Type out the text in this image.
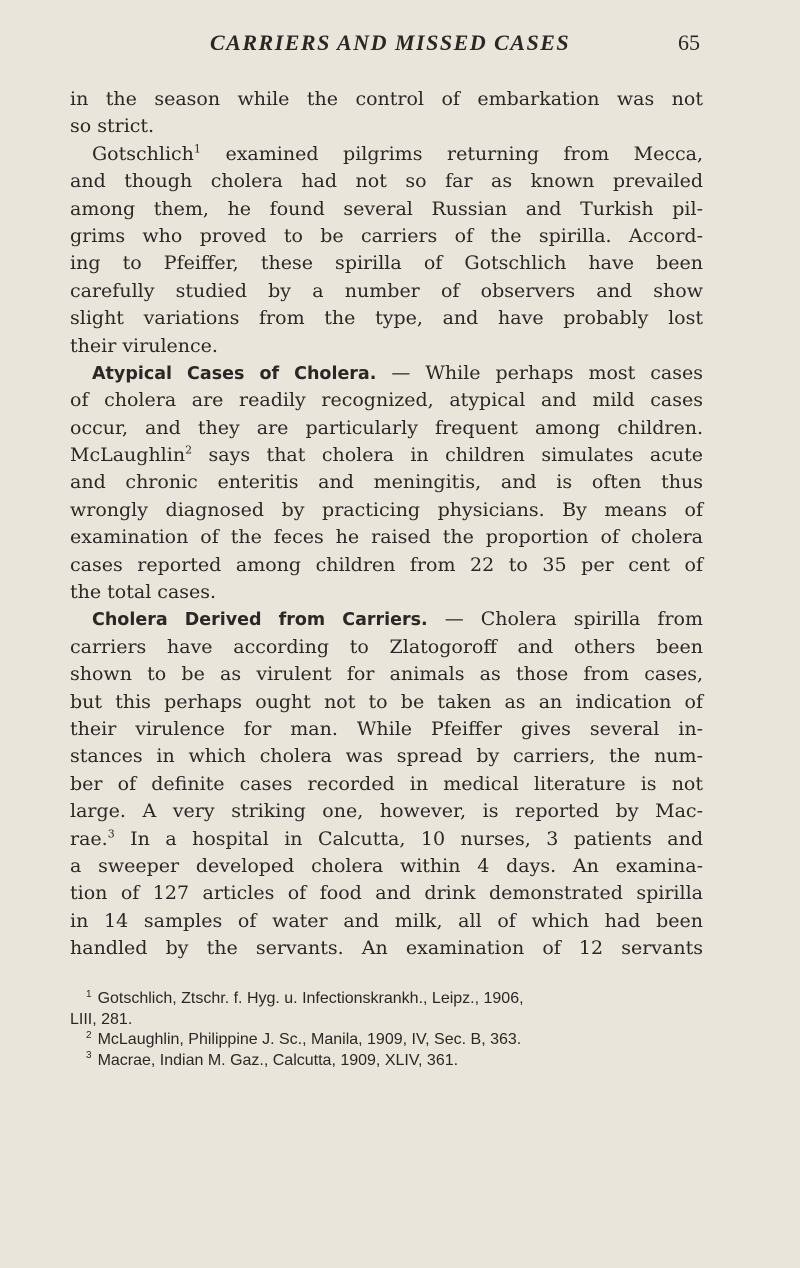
CARRIERS AND MISSED CASES	65
in the season while the control of embarkation was not
so strict.
Gotschlich$^1$ examined pilgrims returning from Mecca,
and though cholera had not so far as known prevailed
among them, he found several Russian and Turkish pil-
grims who proved to be carriers of the spirilla. Accord-
ing to Pfeiffer, these spirilla of Gotschlich have been
carefully studied by a number of observers and show
slight variations from the type, and have probably lost
their virulence.
Atypical Cases of Cholera. — While perhaps most cases
of cholera are readily recognized, atypical and mild cases
occur, and they are particularly frequent among children.
McLaughlin$^2$ says that cholera in children simulates acute
and chronic enteritis and meningitis, and is often thus
wrongly diagnosed by practicing physicians. By means of
examination of the feces he raised the proportion of cholera
cases reported among children from 22 to 35 per cent of
the total cases.
Cholera Derived from Carriers. — Cholera spirilla from
carriers have according to Zlatogoroff and others been
shown to be as virulent for animals as those from cases,
but this perhaps ought not to be taken as an indication of
their virulence for man. While Pfeiffer gives several in-
stances in which cholera was spread by carriers, the num-
ber of definite cases recorded in medical literature is not
large. A very striking one, however, is reported by Mac-
rae.$^3$ In a hospital in Calcutta, 10 nurses, 3 patients and
a sweeper developed cholera within 4 days. An examina-
tion of 127 articles of food and drink demonstrated spirilla
in 14 samples of water and milk, all of which had been
handled by the servants. An examination of 12 servants
$^1$ Gotschlich, Ztschr. f. Hyg. u. Infectionskrankh., Leipz., 1906,
LIII, 281.
$^2$ McLaughlin, Philippine J. Sc., Manila, 1909, IV, Sec. B, 363.
$^3$ Macrae, Indian M. Gaz., Calcutta, 1909, XLIV, 361.
